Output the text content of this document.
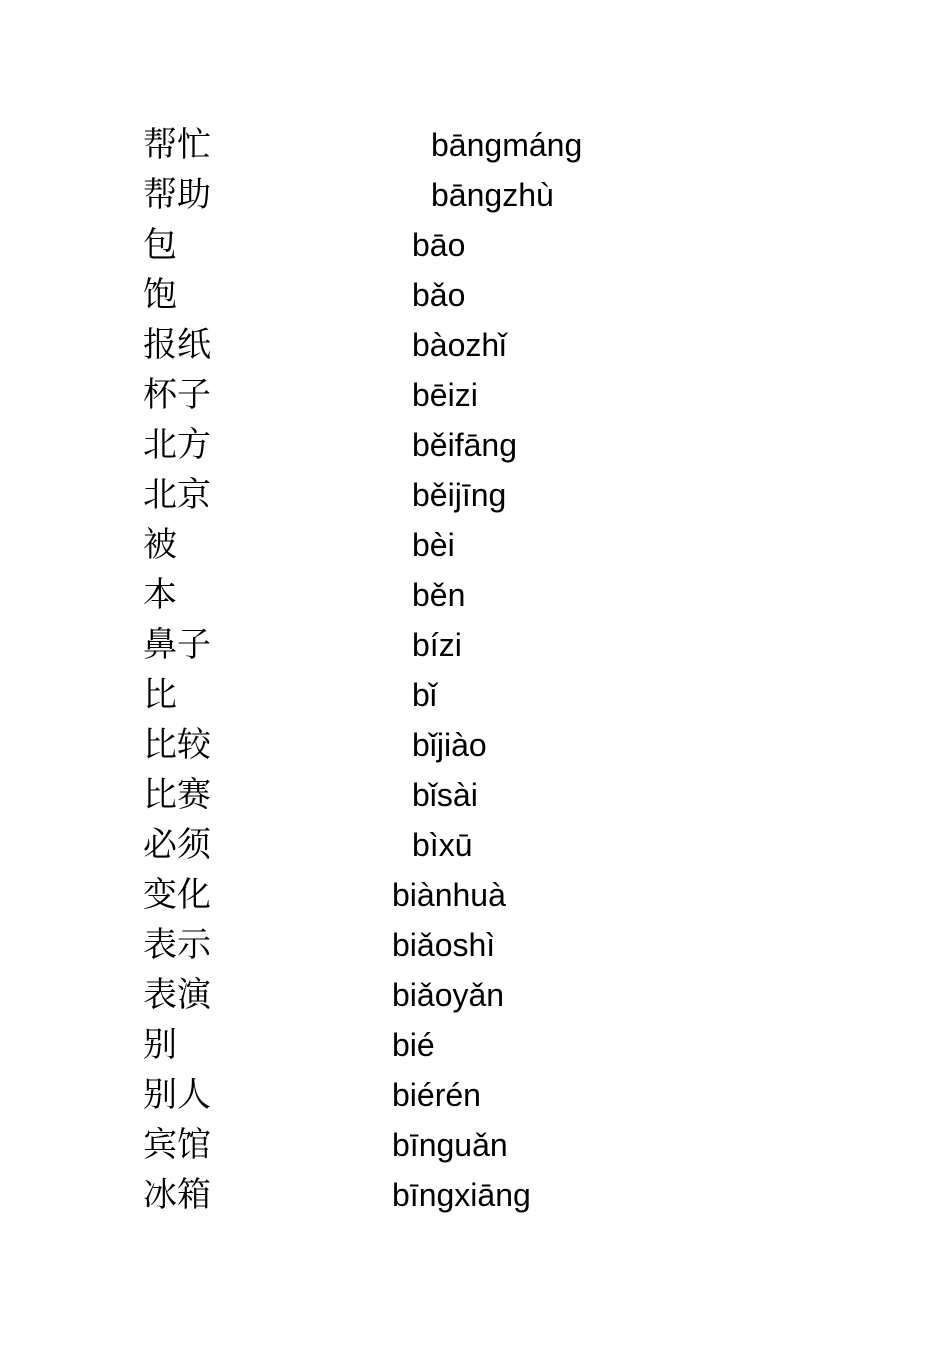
帮忙	bāngmáng
帮助	bāngzhù
包	bāo
饱	bǎo
报纸	bàozhǐ
杯子	bēizi
北方	běifāng
北京	běijīng
被	bèi
本	běn
鼻子	bízi
比	bǐ
比较	bǐjiào
比赛	bǐsài
必须	bìxū
变化	biànhuà
表示	biǎoshì
表演	biǎoyǎn
别	bié
别人	biérén
宾馆	bīnguǎn
冰箱	bīngxiāng
